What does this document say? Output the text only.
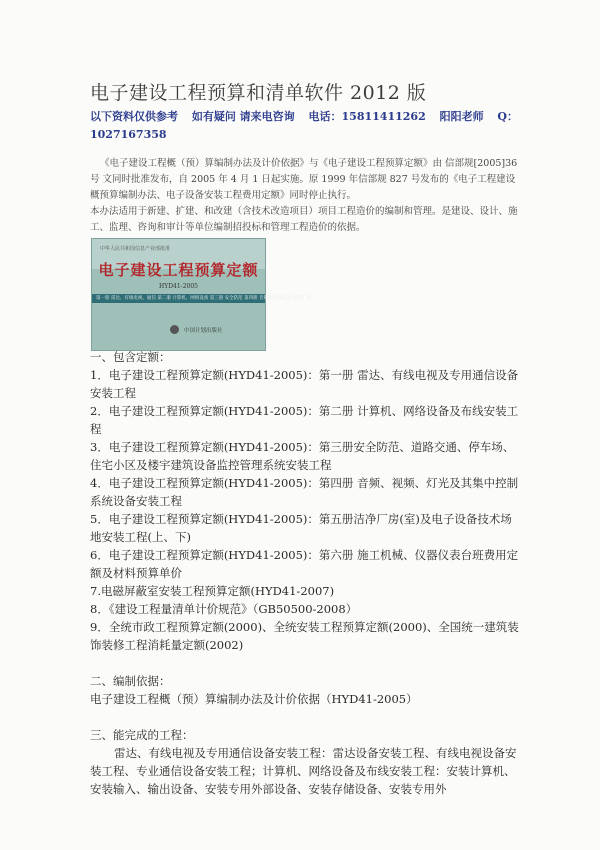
电子建设工程预算和清单软件 2012 版
以下资料仅供参考 如有疑问 请来电咨询 电话：15811411262 阳阳老师 Q：
1027167358

《电子建设工程概（预）算编制办法及计价依据》与《电子建设工程预算定额》由 信部规[2005]36 号 文同时批准发布，自 2005 年 4 月 1 日起实施。原 1999 年信部规 827 号发布的《电子工程建设概预算编制办法、电子设备安装工程费用定额》同时停止执行。

本办法适用于新建、扩建、和改建（含技术改造项目）项目工程造价的编制和管理。是建设、设计、施工、监理、咨询和审计等单位编制招投标和管理工程造价的依据。

中华人民共和国信息产业部批准
电子建设工程预算定额
HYD41-2005
第一册 雷达、有线电视、通信 第二册 计算机、网络设备 第三册 安全防范 第四册 音频视频 第五册 洁净厂房
中国计划出版社

一、包含定额：

1．电子建设工程预算定额(HYD41-2005)：第一册 雷达、有线电视及专用通信设备安装工程

2．电子建设工程预算定额(HYD41-2005)：第二册 计算机、网络设备及布线安装工程

3．电子建设工程预算定额(HYD41-2005)：第三册安全防范、道路交通、停车场、住宅小区及楼宇建筑设备监控管理系统安装工程

4．电子建设工程预算定额(HYD41-2005)：第四册 音频、视频、灯光及其集中控制系统设备安装工程

5．电子建设工程预算定额(HYD41-2005)：第五册洁净厂房(室)及电子设备技术场地安装工程(上、下)

6．电子建设工程预算定额(HYD41-2005)：第六册 施工机械、仪器仪表台班费用定额及材料预算单价

7.电磁屏蔽室安装工程预算定额(HYD41-2007)

8．《建设工程量清单计价规范》（GB50500-2008）

9．全统市政工程预算定额(2000)、全统安装工程预算定额(2000)、全国统一建筑装饰装修工程消耗量定额(2002)

二、编制依据：

电子建设工程概（预）算编制办法及计价依据（HYD41-2005）

三、能完成的工程：

雷达、有线电视及专用通信设备安装工程：雷达设备安装工程、有线电视设备安装工程、专业通信设备安装工程；计算机、网络设备及布线安装工程：安装计算机、安装输入、输出设备、安装专用外部设备、安装存储设备、安装专用外
